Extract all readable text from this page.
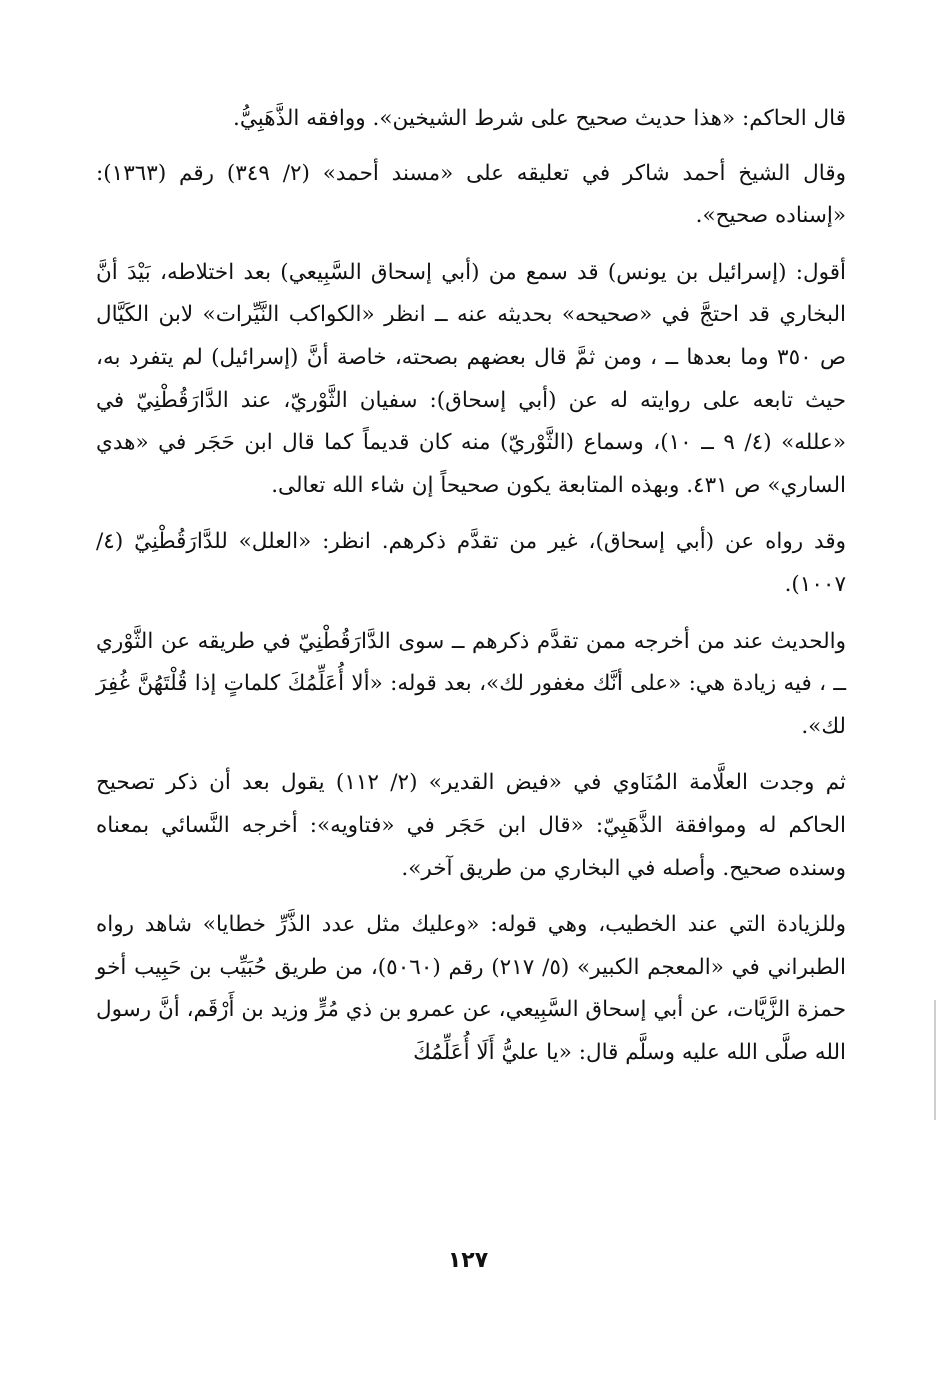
قال الحاكم: «هذا حديث صحيح على شرط الشيخين». ووافقه الذَّهَبِيُّ.

وقال الشيخ أحمد شاكر في تعليقه على «مسند أحمد» (٢/ ٣٤٩) رقم (١٣٦٣): «إسناده صحيح».

أقول: (إسرائيل بن يونس) قد سمع من (أبي إسحاق السَّبِيعي) بعد اختلاطه، بَيْدَ أنَّ البخاري قد احتجَّ في «صحيحه» بحديثه عنه ــ انظر «الكواكب النَّيِّرات» لابن الكَيَّال ص ٣٥٠ وما بعدها ــ ، ومن ثمَّ قال بعضهم بصحته، خاصة أنَّ (إسرائيل) لم يتفرد به، حيث تابعه على روايته له عن (أبي إسحاق): سفيان الثَّوْريّ، عند الدَّارَقُطْنِيّ في «علله» (٤/ ٩ ــ ١٠)، وسماع (الثَّوْريّ) منه كان قديماً كما قال ابن حَجَر في «هدي الساري» ص ٤٣١. وبهذه المتابعة يكون صحيحاً إن شاء الله تعالى.

وقد رواه عن (أبي إسحاق)، غير من تقدَّم ذكرهم. انظر: «العلل» للدَّارَقُطْنِيّ (٤/ ١٠٠٧).

والحديث عند من أخرجه ممن تقدَّم ذكرهم ــ سوى الدَّارَقُطْنِيّ في طريقه عن الثَّوْري ــ ، فيه زيادة هي: «على أنَّك مغفور لك»، بعد قوله: «ألا أُعَلِّمُكَ كلماتٍ إذا قُلْتَهُنَّ غُفِرَ لك».

ثم وجدت العلَّامة المُنَاوي في «فيض القدير» (٢/ ١١٢) يقول بعد أن ذكر تصحيح الحاكم له وموافقة الذَّهَبِيّ: «قال ابن حَجَر في «فتاويه»: أخرجه النَّسائي بمعناه وسنده صحيح. وأصله في البخاري من طريق آخر».

وللزيادة التي عند الخطيب، وهي قوله: «وعليك مثل عدد الذَّرِّ خطايا» شاهد رواه الطبراني في «المعجم الكبير» (٥/ ٢١٧) رقم (٥٠٦٠)، من طريق حُبَيِّب بن حَبِيب أخو حمزة الزَّيَّات، عن أبي إسحاق السَّبِيعي، عن عمرو بن ذي مُرٍّ وزيد بن أَرْقَم، أنَّ رسول الله صلَّى الله عليه وسلَّم قال: «يا عليُّ أَلَا أُعَلِّمُكَ

١٢٧
